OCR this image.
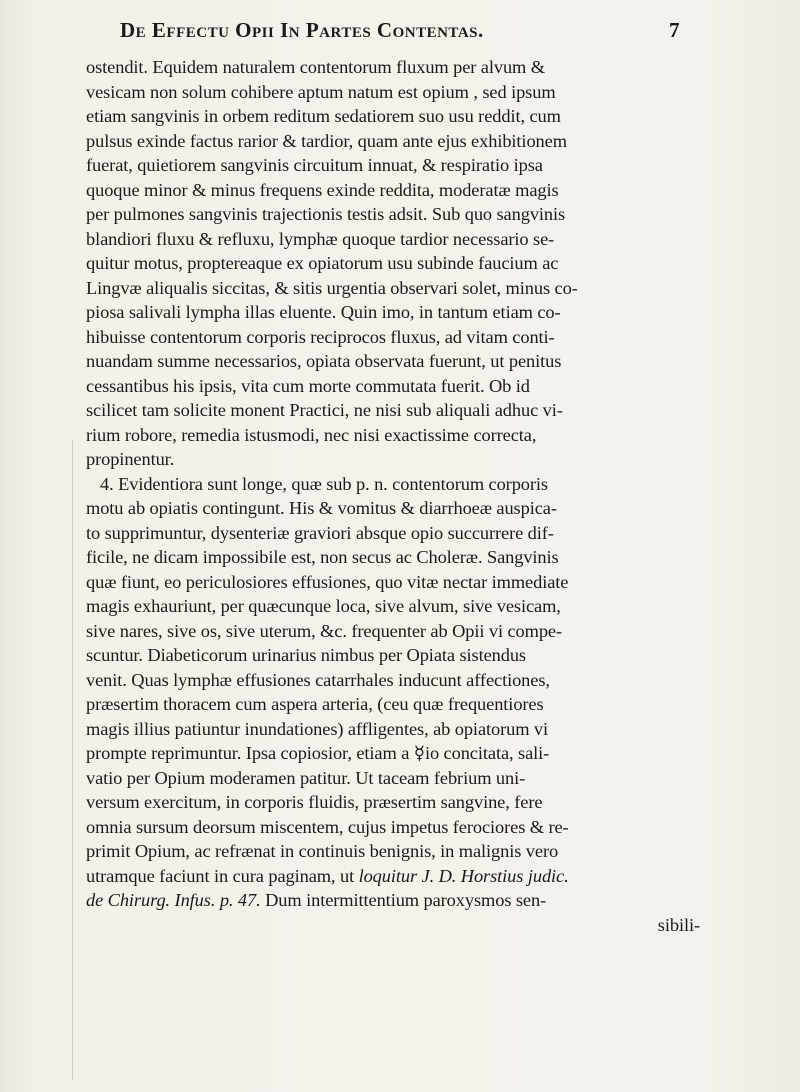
De Effectu Opii In Partes Contentas.	7
ostendit. Equidem naturalem contentorum fluxum per alvum &
vesicam non solum cohibere aptum natum est opium , sed ipsum
etiam sangvinis in orbem reditum sedatiorem suo usu reddit, cum
pulsus exinde factus rarior & tardior, quam ante ejus exhibitionem
fuerat, quietiorem sangvinis circuitum innuat, & respiratio ipsa
quoque minor & minus frequens exinde reddita, moderatæ magis
per pulmones sangvinis trajectionis testis adsit. Sub quo sangvinis
blandiori fluxu & refluxu, lymphæ quoque tardior necessario se-
quitur motus, proptereaque ex opiatorum usu subinde faucium ac
Lingvæ aliqualis siccitas, & sitis urgentia observari solet, minus co-
piosa salivali lympha illas eluente. Quin imo, in tantum etiam co-
hibuisse contentorum corporis reciprocos fluxus, ad vitam conti-
nuandam summe necessarios, opiata observata fuerunt, ut penitus
cessantibus his ipsis, vita cum morte commutata fuerit. Ob id
scilicet tam solicite monent Practici, ne nisi sub aliquali adhuc vi-
rium robore, remedia istusmodi, nec nisi exactissime correcta,
propinentur.
4. Evidentiora sunt longe, quæ sub p. n. contentorum corporis
motu ab opiatis contingunt. His & vomitus & diarrhoeæ auspica-
to supprimuntur, dysenteriæ graviori absque opio succurrere dif-
ficile, ne dicam impossibile est, non secus ac Choleræ. Sangvinis
quæ fiunt, eo periculosiores effusiones, quo vitæ nectar immediate
magis exhauriunt, per quæcunque loca, sive alvum, sive vesicam,
sive nares, sive os, sive uterum, &c. frequenter ab Opii vi compe-
scuntur. Diabeticorum urinarius nimbus per Opiata sistendus
venit. Quas lymphæ effusiones catarrhales inducunt affectiones,
præsertim thoracem cum aspera arteria, (ceu quæ frequentiores
magis illius patiuntur inundationes) affligentes, ab opiatorum vi
prompte reprimuntur. Ipsa copiosior, etiam a ☿io concitata, sali-
vatio per Opium moderamen patitur. Ut taceam febrium uni-
versum exercitum, in corporis fluidis, præsertim sangvine, fere
omnia sursum deorsum miscentem, cujus impetus ferociores & re-
primit Opium, ac refrænat in continuis benignis, in malignis vero
utramque faciunt in cura paginam, ut loquitur J. D. Horstius judic.
de Chirurg. Infus. p. 47. Dum intermittentium paroxysmos sen-
sibili-
